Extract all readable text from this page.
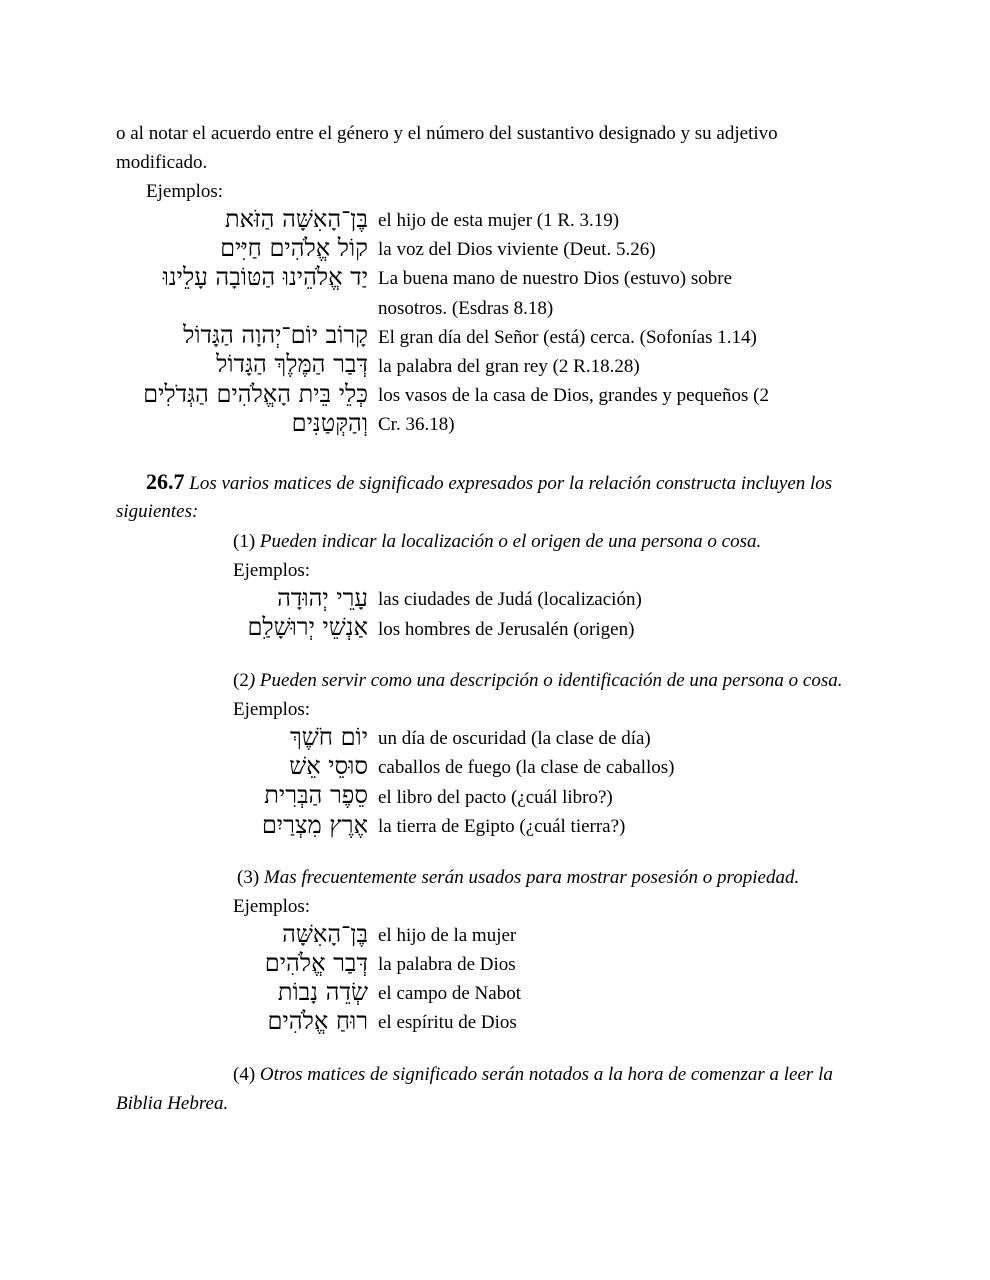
o al notar el acuerdo entre el género y el número del sustantivo designado y su adjetivo
modificado.
Ejemplos:
בֶּן־הָאִשָּׁה הַזֹּאת el hijo de esta mujer (1 R. 3.19)
קוֹל אֱלֹהִים חַיִּים la voz del Dios viviente (Deut. 5.26)
יַד אֱלֹהֵינוּ הַטּוֹבָה עָלֵינוּ La buena mano de nuestro Dios (estuvo) sobre
nosotros. (Esdras 8.18)
קָרוֹב יוֹם־יְהוָה הַגָּדוֹל El gran día del Señor (está) cerca. (Sofonías 1.14)
דְּבַר הַמֶּלֶךְ הַגָּדוֹל la palabra del gran rey (2 R.18.28)
כְּלֵי בֵּית הָאֱלֹהִים הַגְּדֹלִים los vasos de la casa de Dios, grandes y pequeños (2
וְהַקְּטַנִּים Cr. 36.18)
26.7 Los varios matices de significado expresados por la relación constructa incluyen los
siguientes:
(1) Pueden indicar la localización o el origen de una persona o cosa.
Ejemplos:
עָרֵי יְהוּדָה las ciudades de Judá (localización)
אַנְשֵׁי יְרוּשָׁלַ͏ִם los hombres de Jerusalén (origen)
(2) Pueden servir como una descripción o identificación de una persona o cosa.
Ejemplos:
יוֹם חֹשֶׁךְ un día de oscuridad (la clase de día)
סוּסֵי אֵשׁ caballos de fuego (la clase de caballos)
סֵפֶר הַבְּרִית el libro del pacto (¿cuál libro?)
אֶרֶץ מִצְרַיִם la tierra de Egipto (¿cuál tierra?)
(3) Mas frecuentemente serán usados para mostrar posesión o propiedad.
Ejemplos:
בֶּן־הָאִשָּׁה el hijo de la mujer
דְּבַר אֱלֹהִים la palabra de Dios
שְׂדֵה נָבוֹת el campo de Nabot
רוּחַ אֱלֹהִים el espíritu de Dios
(4) Otros matices de significado serán notados a la hora de comenzar a leer la
Biblia Hebrea.
